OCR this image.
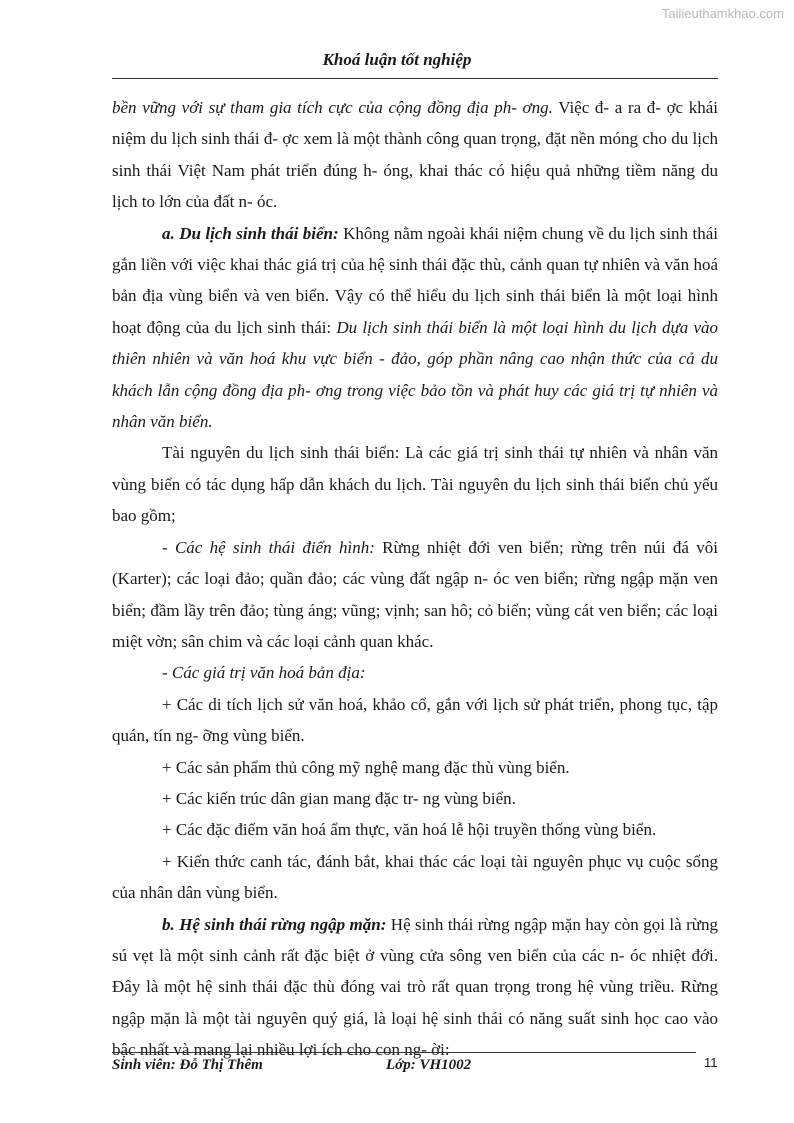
Tailieuthamkhao.com
Khoá luận tốt nghiệp

bền vững với sự tham gia tích cực của cộng đồng địa ph- ơng. Việc đ- a ra đ- ợc khái niệm du lịch sinh thái đ- ợc xem là một thành công quan trọng, đặt nền móng cho du lịch sinh thái Việt Nam phát triển đúng h- óng, khai thác có hiệu quả những tiềm năng du lịch to lớn của đất n- óc.

a. Du lịch sinh thái biển: Không nằm ngoài khái niệm chung về du lịch sinh thái gắn liền với việc khai thác giá trị của hệ sinh thái đặc thù, cảnh quan tự nhiên và văn hoá bản địa vùng biển và ven biển. Vậy có thể hiểu du lịch sinh thái biển là một loại hình hoạt động của du lịch sinh thái: Du lịch sinh thái biển là một loại hình du lịch dựa vào thiên nhiên và văn hoá khu vực biển - đảo, góp phần nâng cao nhận thức của cả du khách lẫn cộng đồng địa ph- ơng trong việc bảo tồn và phát huy các giá trị tự nhiên và nhân văn biển.

Tài nguyên du lịch sinh thái biển: Là các giá trị sinh thái tự nhiên và nhân văn vùng biển có tác dụng hấp dẫn khách du lịch. Tài nguyên du lịch sinh thái biển chủ yếu bao gồm;

- Các hệ sinh thái điển hình: Rừng nhiệt đới ven biển; rừng trên núi đá vôi (Karter); các loại đảo; quần đảo; các vùng đất ngập n- óc ven biển; rừng ngập mặn ven biển; đầm lầy trên đảo; tùng áng; vũng; vịnh; san hô; cỏ biển; vùng cát ven biển; các loại miệt vờn; sân chim và các loại cảnh quan khác.

- Các giá trị văn hoá bản địa:

+ Các di tích lịch sử văn hoá, khảo cổ, gắn với lịch sử phát triển, phong tục, tập quán, tín ng- ỡng vùng biển.

+ Các sản phẩm thủ công mỹ nghệ mang đặc thù vùng biển.

+ Các kiến trúc dân gian mang đặc tr- ng vùng biển.

+ Các đặc điểm văn hoá ẩm thực, văn hoá lễ hội truyền thống vùng biển.

+ Kiến thức canh tác, đánh bắt, khai thác các loại tài nguyên phục vụ cuộc sống của nhân dân vùng biển.

b. Hệ sinh thái rừng ngập mặn: Hệ sinh thái rừng ngập mặn hay còn gọi là rừng sú vẹt là một sinh cảnh rất đặc biệt ở vùng cửa sông ven biển của các n- óc nhiệt đới. Đây là một hệ sinh thái đặc thù đóng vai trò rất quan trọng trong hệ vùng triều. Rừng ngập mặn là một tài nguyên quý giá, là loại hệ sinh thái có năng suất sinh học cao vào bậc nhất và mang lại nhiều lợi ích cho con ng- ời:

Sinh viên: Đỗ Thị Thêm	Lớp: VH1002	11
